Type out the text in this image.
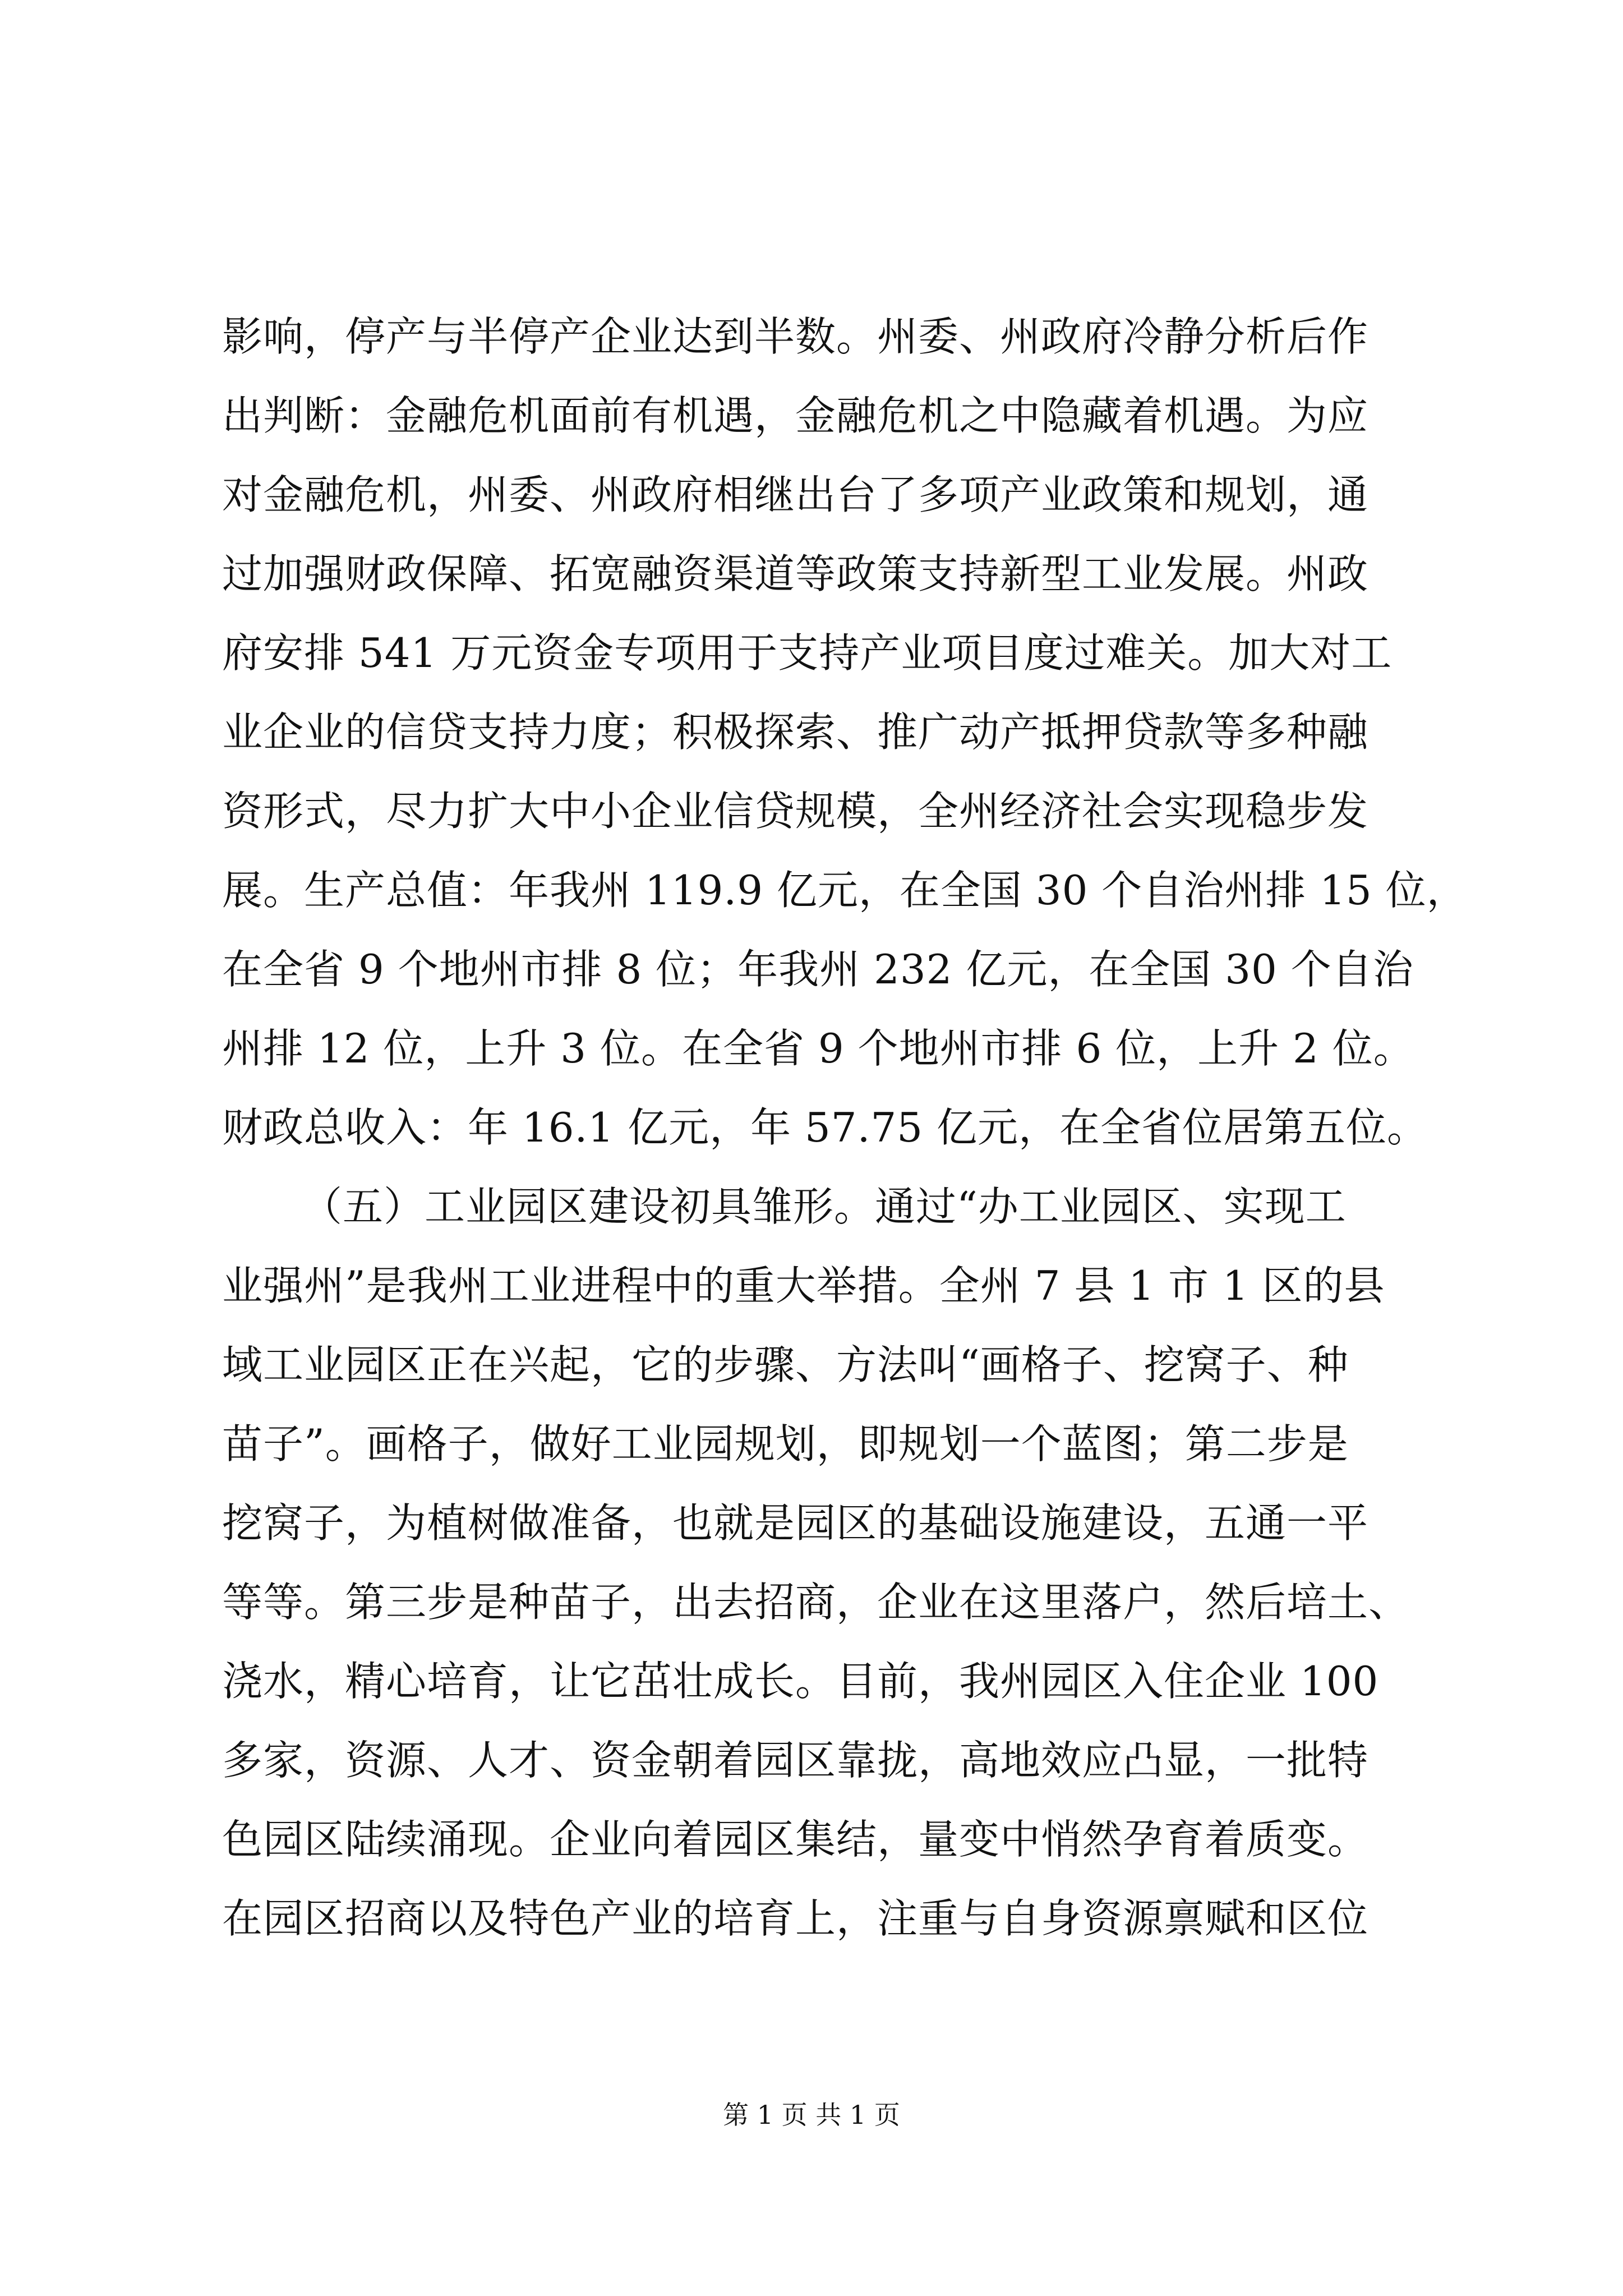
影响，停产与半停产企业达到半数。州委、州政府冷静分析后作
出判断：金融危机面前有机遇，金融危机之中隐藏着机遇。为应
对金融危机，州委、州政府相继出台了多项产业政策和规划，通
过加强财政保障、拓宽融资渠道等政策支持新型工业发展。州政
府安排 541 万元资金专项用于支持产业项目度过难关。加大对工
业企业的信贷支持力度；积极探索、推广动产抵押贷款等多种融
资形式，尽力扩大中小企业信贷规模，全州经济社会实现稳步发
展。生产总值：年我州 119.9 亿元，在全国 30 个自治州排 15 位，
在全省 9 个地州市排 8 位；年我州 232 亿元，在全国 30 个自治
州排 12 位，上升 3 位。在全省 9 个地州市排 6 位，上升 2 位。
财政总收入：年 16.1 亿元，年 57.75 亿元，在全省位居第五位。
（五）工业园区建设初具雏形。通过“办工业园区、实现工
业强州”是我州工业进程中的重大举措。全州 7 县 1 市 1 区的县
域工业园区正在兴起，它的步骤、方法叫“画格子、挖窝子、种
苗子”。画格子，做好工业园规划，即规划一个蓝图；第二步是
挖窝子，为植树做准备，也就是园区的基础设施建设，五通一平
等等。第三步是种苗子，出去招商，企业在这里落户，然后培土、
浇水，精心培育，让它茁壮成长。目前，我州园区入住企业 100
多家，资源、人才、资金朝着园区靠拢，高地效应凸显，一批特
色园区陆续涌现。企业向着园区集结，量变中悄然孕育着质变。
在园区招商以及特色产业的培育上，注重与自身资源禀赋和区位
第 1 页 共 1 页
